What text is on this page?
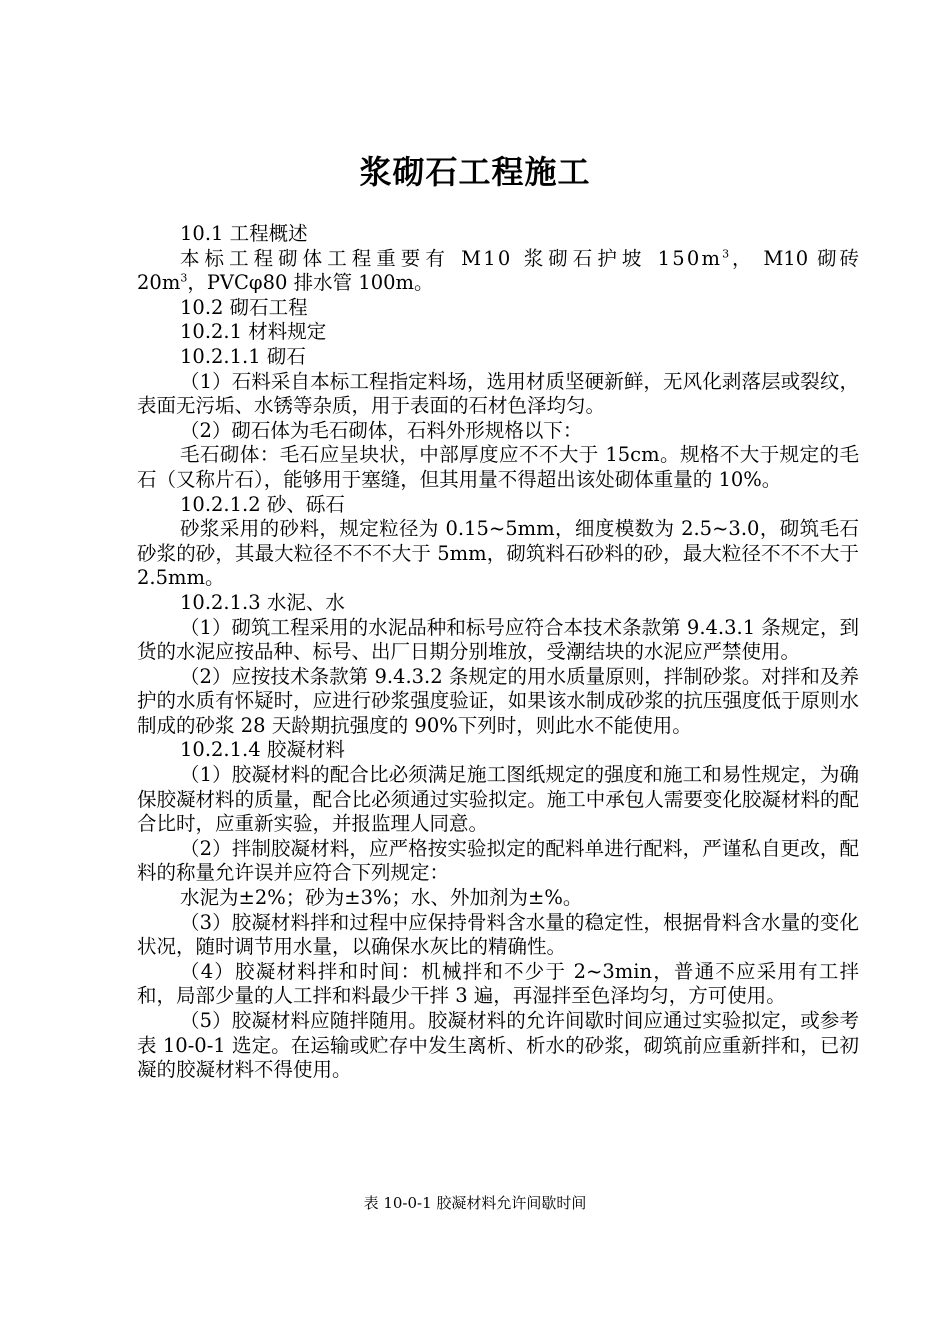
浆砌石工程施工

10.1 工程概述

本标工程砌体工程重要有 M10 浆砌石护坡 $150m^3$， M10 砌砖 $20m^3$，PVCφ80 排水管 100m。

10.2 砌石工程

10.2.1 材料规定

10.2.1.1 砌石

（1）石料采自本标工程指定料场，选用材质坚硬新鲜，无风化剥落层或裂纹，表面无污垢、水锈等杂质，用于表面的石材色泽均匀。

（2）砌石体为毛石砌体，石料外形规格以下：

毛石砌体：毛石应呈块状，中部厚度应不不大于 15cm。规格不大于规定的毛石（又称片石），能够用于塞缝，但其用量不得超出该处砌体重量的 10%。

10.2.1.2 砂、砾石

砂浆采用的砂料，规定粒径为 0.15~5mm，细度模数为 2.5~3.0，砌筑毛石砂浆的砂，其最大粒径不不不大于 5mm，砌筑料石砂料的砂，最大粒径不不不大于 2.5mm。

10.2.1.3 水泥、水

（1）砌筑工程采用的水泥品种和标号应符合本技术条款第 9.4.3.1 条规定，到货的水泥应按品种、标号、出厂日期分别堆放，受潮结块的水泥应严禁使用。

（2）应按技术条款第 9.4.3.2 条规定的用水质量原则，拌制砂浆。对拌和及养护的水质有怀疑时，应进行砂浆强度验证，如果该水制成砂浆的抗压强度低于原则水制成的砂浆 28 天龄期抗强度的 90%下列时，则此水不能使用。

10.2.1.4 胶凝材料

（1）胶凝材料的配合比必须满足施工图纸规定的强度和施工和易性规定，为确保胶凝材料的质量，配合比必须通过实验拟定。施工中承包人需要变化胶凝材料的配合比时，应重新实验，并报监理人同意。

（2）拌制胶凝材料，应严格按实验拟定的配料单进行配料，严谨私自更改，配料的称量允许误并应符合下列规定：

水泥为±2%；砂为±3%；水、外加剂为±%。

（3）胶凝材料拌和过程中应保持骨料含水量的稳定性，根据骨料含水量的变化状况，随时调节用水量，以确保水灰比的精确性。

（4）胶凝材料拌和时间：机械拌和不少于 2~3min，普通不应采用有工拌和，局部少量的人工拌和料最少干拌 3 遍，再湿拌至色泽均匀，方可使用。

（5）胶凝材料应随拌随用。胶凝材料的允许间歇时间应通过实验拟定，或参考表 10-0-1 选定。在运输或贮存中发生离析、析水的砂浆，砌筑前应重新拌和，已初凝的胶凝材料不得使用。

表 10-0-1 胶凝材料允许间歇时间
